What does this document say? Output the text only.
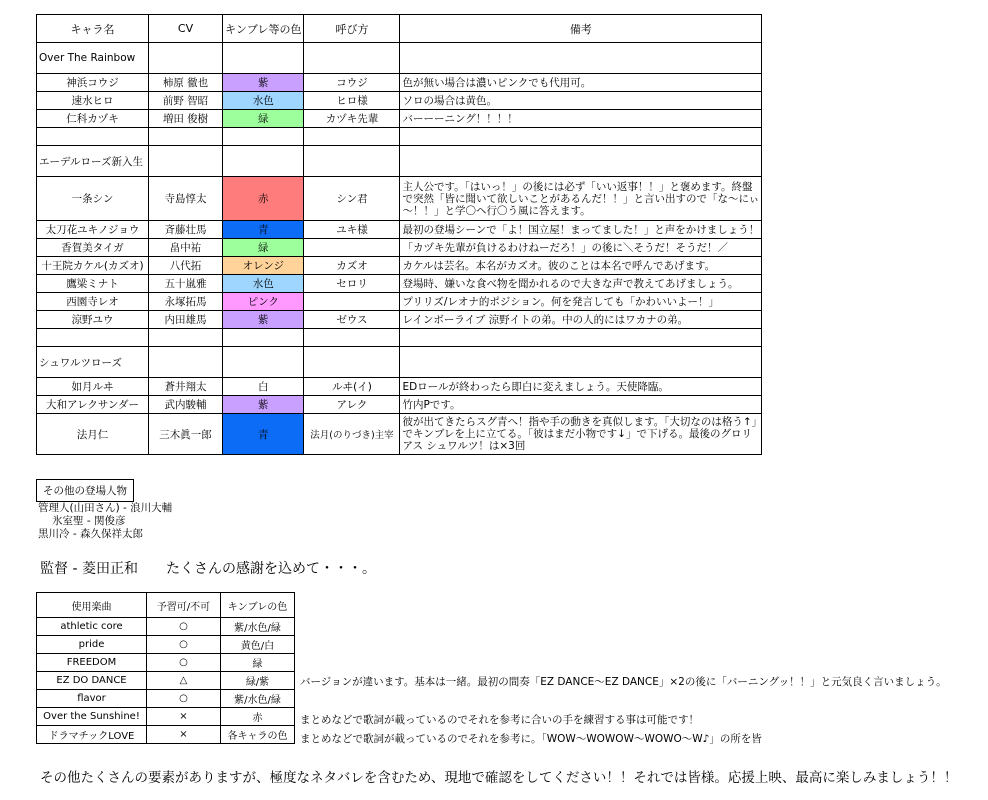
キャラ名	CV	キンブレ等の色	呼び方	備考
Over The Rainbow				
神浜コウジ	柿原 徹也	紫	コウジ	色が無い場合は濃いピンクでも代用可。
速水ヒロ	前野 智昭	水色	ヒロ様	ソロの場合は黄色。
仁科カヅキ	増田 俊樹	緑	カヅキ先輩	バーーーニング！！！！

エーデルローズ新入生				
一条シン	寺島惇太	赤	シン君	主人公です。「はいっ！」の後には必ず「いい返事！！」と褒めます。終盤で突然「皆に聞いて欲しいことがあるんだ！！」と言い出すので「な～にぃ～！！」と学〇ヘ行〇う風に答えます。
太刀花ユキノジョウ	斉藤壮馬	青	ユキ様	最初の登場シーンで「よ！国立屋！まってました！」と声をかけましょう！
香賀美タイガ	畠中祐	緑		「カヅキ先輩が負けるわけねーだろ！」の後に＼そうだ！そうだ！／
十王院カケル(カズオ)	八代拓	オレンジ	カズオ	カケルは芸名。本名がカズオ。彼のことは本名で呼んであげます。
鷹梁ミナト	五十嵐雅	水色	セロリ	登場時、嫌いな食べ物を聞かれるので大きな声で教えてあげましょう。
西園寺レオ	永塚拓馬	ピンク		プリリズ/レオナ的ポジション。何を発言しても「かわいいよー！」
涼野ユウ	内田雄馬	紫	ゼウス	レインボーライブ 涼野イトの弟。中の人的にはワカナの弟。

シュワルツローズ				
如月ルヰ	蒼井翔太	白	ルヰ(イ)	EDロールが終わったら即白に変えましょう。天使降臨。
大和アレクサンダー	武内駿輔	紫	アレク	竹内Pです。
法月仁	三木眞一郎	青	法月(のりづき)主宰	彼が出てきたらスグ青へ！指や手の動きを真似します。「大切なのは格う↑」でキンブレを上に立てる。「彼はまだ小物です↓」で下げる。最後のグロリアス シュワルツ！は×3回
その他の登場人物
管理人(山田さん) - 浪川大輔
氷室聖 - 関俊彦
黒川冷 - 森久保祥太郎
監督 - 菱田正和　　たくさんの感謝を込めて・・・。
使用楽曲	予習可/不可	キンブレの色
athletic core	○	紫/水色/緑
pride	○	黄色/白
FREEDOM	○	緑
EZ DO DANCE	△	緑/紫
flavor	○	紫/水色/緑
Over the Sunshine!	×	赤
ドラマチックLOVE	×	各キャラの色
バージョンが違います。基本は一緒。最初の間奏「EZ DANCE～EZ DANCE」×2の後に「バーニングッ！！」と元気良く言いましょう。
まとめなどで歌詞が載っているのでそれを参考に合いの手を練習する事は可能です！
まとめなどで歌詞が載っているのでそれを参考に。「WOW～WOWOW～WOWO～W♪」の所を皆
その他たくさんの要素がありますが、極度なネタバレを含むため、現地で確認をしてください！！それでは皆様。応援上映、最高に楽しみましょう！！
